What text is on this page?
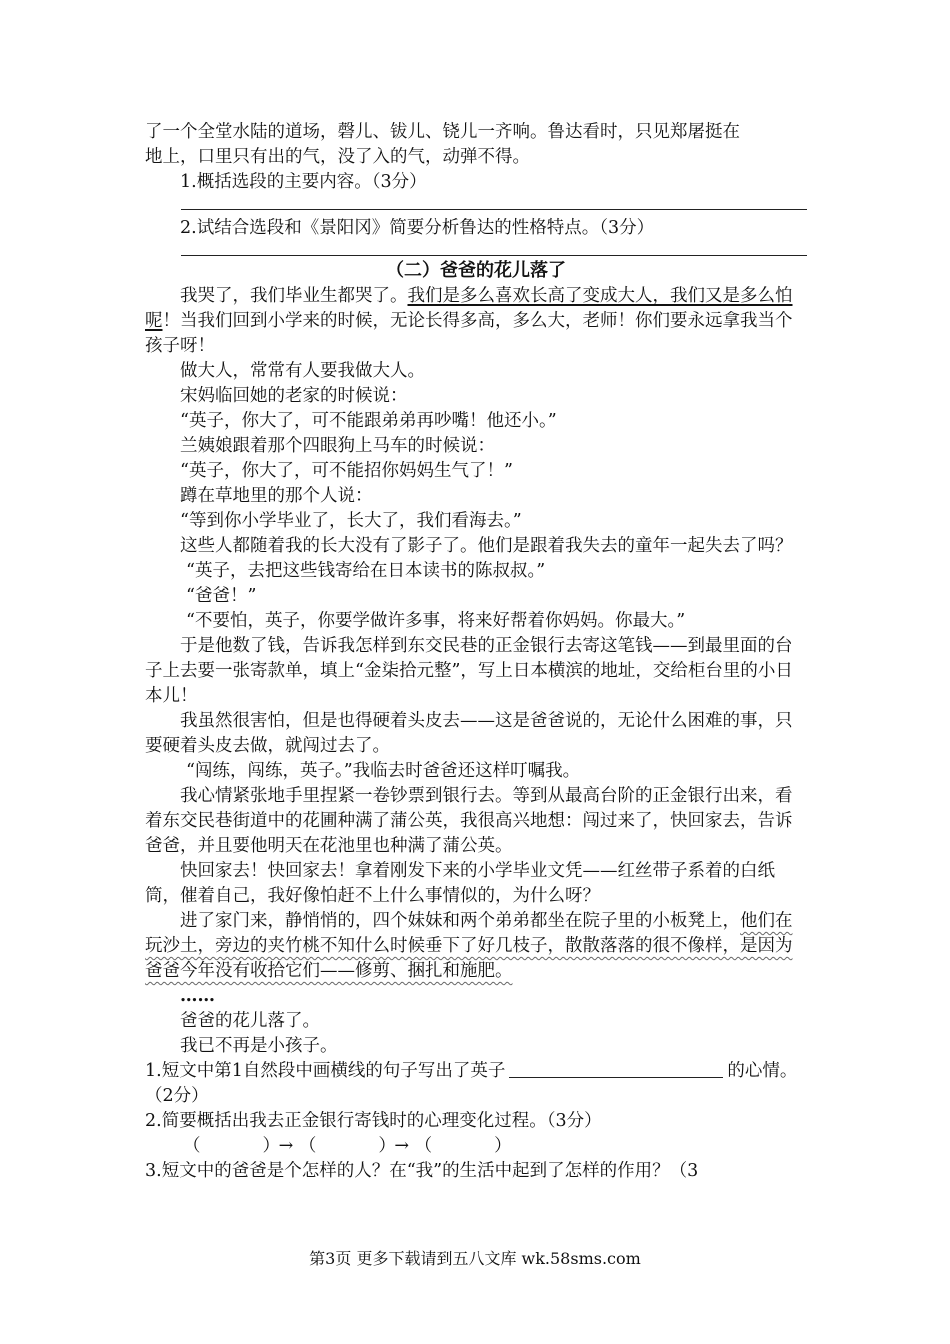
了一个全堂水陆的道场，磬儿、钹儿、铙儿一齐响。鲁达看时，只见郑屠挺在

地上，口里只有出的气，没了入的气，动弹不得。

1.概括选段的主要内容。（3分）

2.试结合选段和《景阳冈》简要分析鲁达的性格特点。（3分）

（二）爸爸的花儿落了

我哭了，我们毕业生都哭了。我们是多么喜欢长高了变成大人，我们又是多么怕呢！当我们回到小学来的时候，无论长得多高，多么大，老师！你们要永远拿我当个孩子呀！

做大人，常常有人要我做大人。

宋妈临回她的老家的时候说：

“英子，你大了，可不能跟弟弟再吵嘴！他还小。”

兰姨娘跟着那个四眼狗上马车的时候说：

“英子，你大了，可不能招你妈妈生气了！”

蹲在草地里的那个人说：

“等到你小学毕业了，长大了，我们看海去。”

这些人都随着我的长大没有了影子了。他们是跟着我失去的童年一起失去了吗？

“英子，去把这些钱寄给在日本读书的陈叔叔。”

“爸爸！”

“不要怕，英子，你要学做许多事，将来好帮着你妈妈。你最大。”

于是他数了钱，告诉我怎样到东交民巷的正金银行去寄这笔钱——到最里面的台子上去要一张寄款单，填上“金柒拾元整”，写上日本横滨的地址，交给柜台里的小日本儿！

我虽然很害怕，但是也得硬着头皮去——这是爸爸说的，无论什么困难的事，只要硬着头皮去做，就闯过去了。

“闯练，闯练，英子。”我临去时爸爸还这样叮嘱我。

我心情紧张地手里捏紧一卷钞票到银行去。等到从最高台阶的正金银行出来，看着东交民巷街道中的花圃种满了蒲公英，我很高兴地想：闯过来了，快回家去，告诉爸爸，并且要他明天在花池里也种满了蒲公英。

快回家去！快回家去！拿着刚发下来的小学毕业文凭——红丝带子系着的白纸筒，催着自己，我好像怕赶不上什么事情似的，为什么呀？

进了家门来，静悄悄的，四个妹妹和两个弟弟都坐在院子里的小板凳上，他们在玩沙土，旁边的夹竹桃不知什么时候垂下了好几枝子，散散落落的很不像样，是因为爸爸今年没有收拾它们——修剪、捆扎和施肥。

……

爸爸的花儿落了。

我已不再是小孩子。

1.短文中第1自然段中画横线的句子写出了英子	的心情。（2分）

2.简要概括出我去正金银行寄钱时的心理变化过程。（3分）

（	） → （	） → （	）

3.短文中的爸爸是个怎样的人？在“我”的生活中起到了怎样的作用？（3

第3页 更多下载请到五八文库 wk.58sms.com
